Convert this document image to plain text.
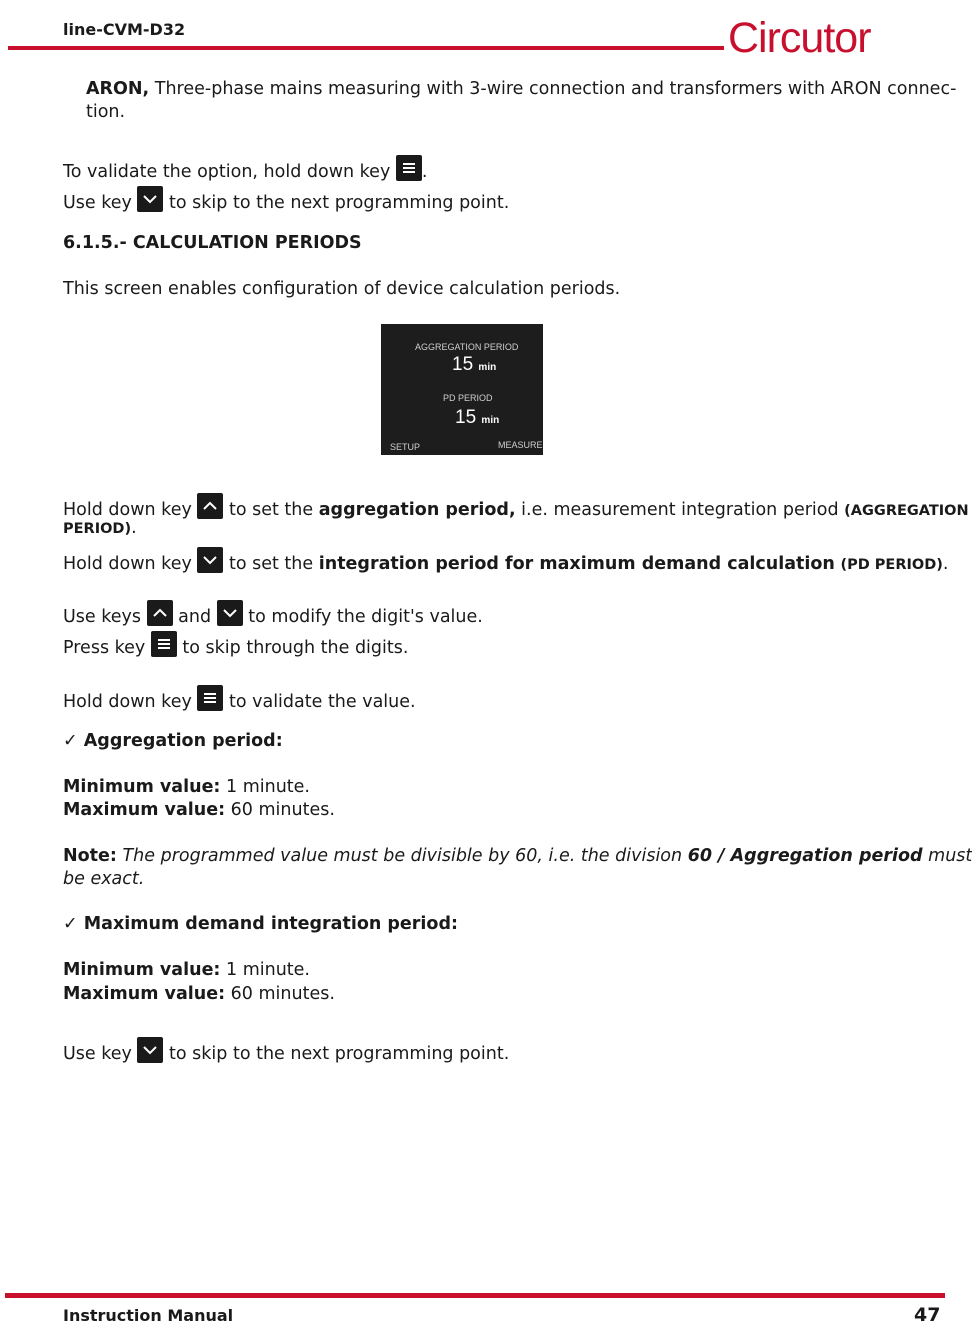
line-CVM-D32	Circutor
ARON, Three-phase mains measuring with 3-wire connection and transformers with ARON connec-
tion.
To validate the option, hold down key .
Use key to skip to the next programming point.
6.1.5.- CALCULATION PERIODS
This screen enables configuration of device calculation periods.
AGGREGATION PERIOD
15 min
PD PERIOD
15 min
SETUP	MEASURE
Hold down key to set the aggregation period, i.e. measurement integration period (AGGREGATION
PERIOD).
Hold down key to set the integration period for maximum demand calculation (PD PERIOD).
Use keys and to modify the digit's value.
Press key to skip through the digits.
Hold down key to validate the value.
✓ Aggregation period:
Minimum value: 1 minute.
Maximum value: 60 minutes.
Note: The programmed value must be divisible by 60, i.e. the division 60 / Aggregation period must
be exact.
✓ Maximum demand integration period:
Minimum value: 1 minute.
Maximum value: 60 minutes.
Use key to skip to the next programming point.
Instruction Manual	47
